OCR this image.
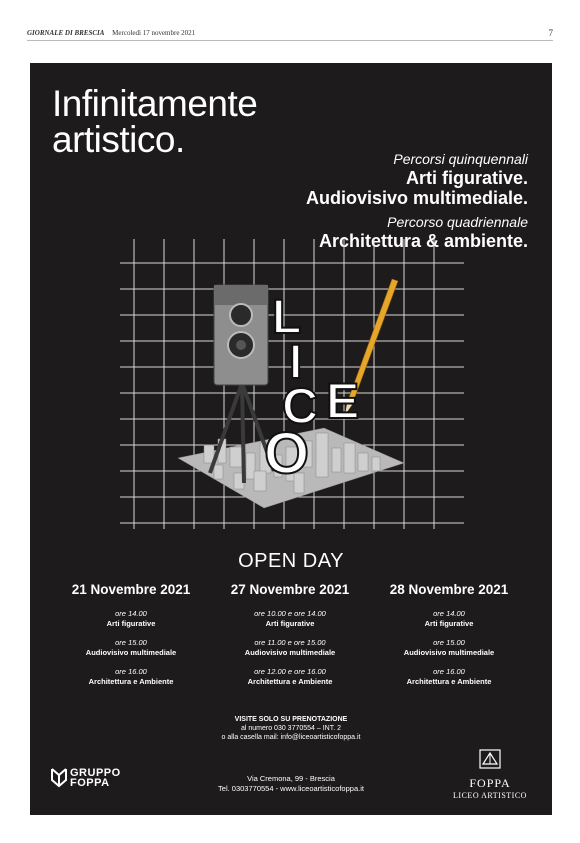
GIORNALE DI BRESCIA Mercoledì 17 novembre 2021	7
Infinitamente
artistico.	Percorsi quinquennali
Arti figurative.
Audiovisivo multimediale.
Percorso quadriennale
Architettura & ambiente.
L
I
C E
O
OPEN DAY
21 Novembre 2021
ore 14.00
Arti figurative
ore 15.00
Audiovisivo multimediale
ore 16.00
Architettura e Ambiente
27 Novembre 2021
ore 10.00 e ore 14.00
Arti figurative
ore 11.00 e ore 15.00
Audiovisivo multimediale
ore 12.00 e ore 16.00
Architettura e Ambiente
28 Novembre 2021
ore 14.00
Arti figurative
ore 15.00
Audiovisivo multimediale
ore 16.00
Architettura e Ambiente
VISITE SOLO SU PRENOTAZIONE
al numero 030 3770554 – INT. 2
o alla casella mail: info@liceoartisticofoppa.it
GRUPPO
FOPPA	Via Cremona, 99 - Brescia
Tel. 0303770554 - www.liceoartisticofoppa.it	FOPPA
LICEO ARTISTICO
